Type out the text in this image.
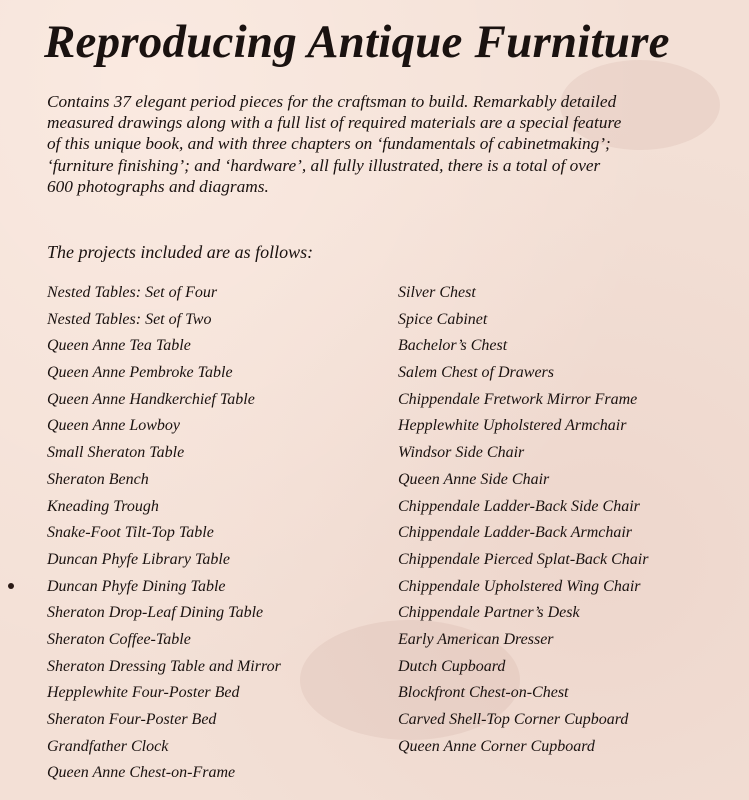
Reproducing Antique Furniture

Contains 37 elegant period pieces for the craftsman to build. Remarkably detailed
measured drawings along with a full list of required materials are a special feature
of this unique book, and with three chapters on ‘fundamentals of cabinetmaking’;
‘furniture finishing’; and ‘hardware’, all fully illustrated, there is a total of over
600 photographs and diagrams.

The projects included are as follows:

Nested Tables: Set of Four
Nested Tables: Set of Two
Queen Anne Tea Table
Queen Anne Pembroke Table
Queen Anne Handkerchief Table
Queen Anne Lowboy
Small Sheraton Table
Sheraton Bench
Kneading Trough
Snake-Foot Tilt-Top Table
Duncan Phyfe Library Table
Duncan Phyfe Dining Table
Sheraton Drop-Leaf Dining Table
Sheraton Coffee-Table
Sheraton Dressing Table and Mirror
Hepplewhite Four-Poster Bed
Sheraton Four-Poster Bed
Grandfather Clock
Queen Anne Chest-on-Frame
Silver Chest
Spice Cabinet
Bachelor’s Chest
Salem Chest of Drawers
Chippendale Fretwork Mirror Frame
Hepplewhite Upholstered Armchair
Windsor Side Chair
Queen Anne Side Chair
Chippendale Ladder-Back Side Chair
Chippendale Ladder-Back Armchair
Chippendale Pierced Splat-Back Chair
Chippendale Upholstered Wing Chair
Chippendale Partner’s Desk
Early American Dresser
Dutch Cupboard
Blockfront Chest-on-Chest
Carved Shell-Top Corner Cupboard
Queen Anne Corner Cupboard
